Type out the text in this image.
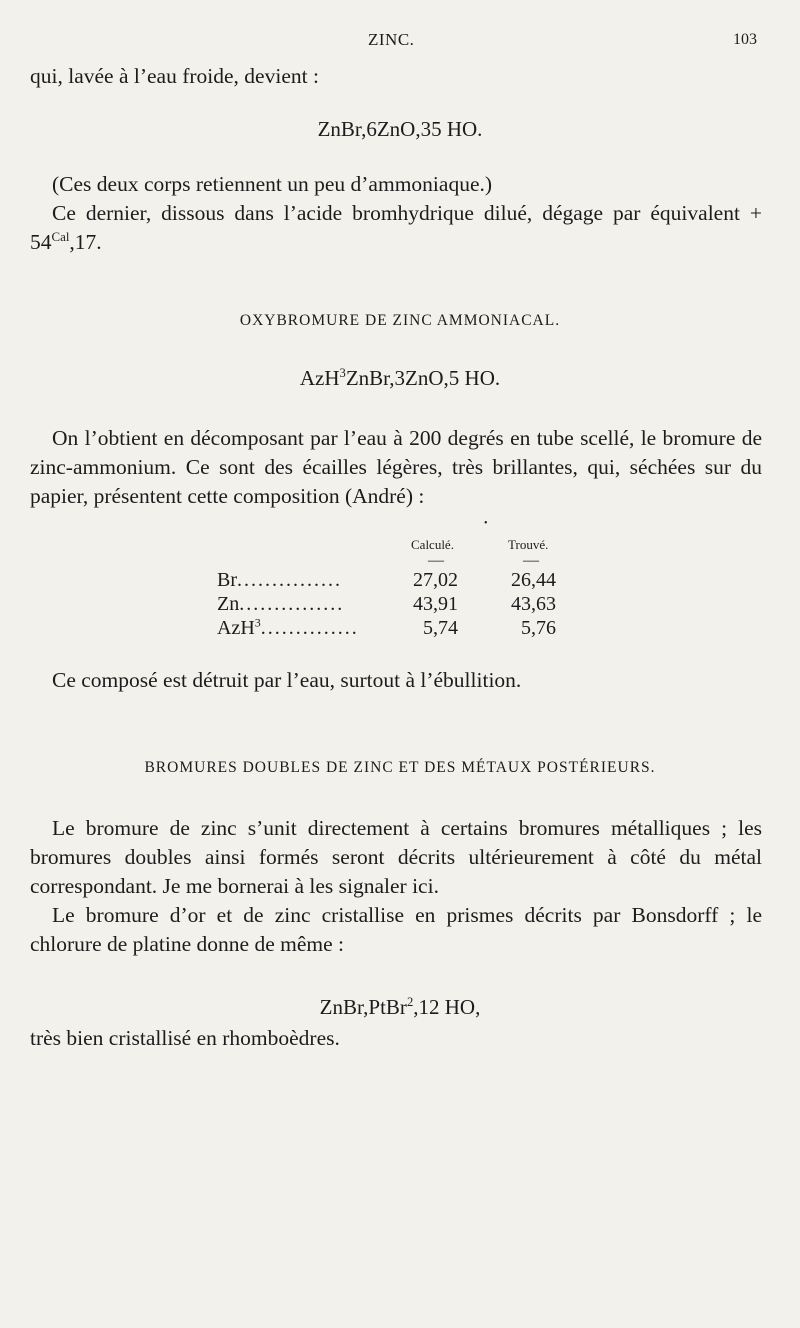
ZINC.	103

qui, lavée à l’eau froide, devient :

ZnBr,6ZnO,35 HO.

(Ces deux corps retiennent un peu d’ammoniaque.)

Ce dernier, dissous dans l’acide bromhydrique dilué, dégage par équivalent + $54^{Cal},17$.

OXYBROMURE DE ZINC AMMONIACAL.
AzH$^3$ZnBr,3ZnO,5 HO.

On l’obtient en décomposant par l’eau à 200 degrés en tube scellé, le bromure de zinc-ammonium. Ce sont des écailles légères, très brillantes, qui, séchées sur du papier, présentent cette composition (André) :

•
Calculé.	Trouvé.
—	—
Br...............	27,02	26,44
Zn...............	43,91	43,63
AzH$^3$..............	5,74	5,76

Ce composé est détruit par l’eau, surtout à l’ébullition.

BROMURES DOUBLES DE ZINC ET DES MÉTAUX POSTÉRIEURS.

Le bromure de zinc s’unit directement à certains bromures métalliques ; les bromures doubles ainsi formés seront décrits ultérieurement à côté du métal correspondant. Je me bornerai à les signaler ici.

Le bromure d’or et de zinc cristallise en prismes décrits par Bonsdorff ; le chlorure de platine donne de même :

ZnBr,PtBr$^2$,12 HO,

très bien cristallisé en rhomboèdres.
